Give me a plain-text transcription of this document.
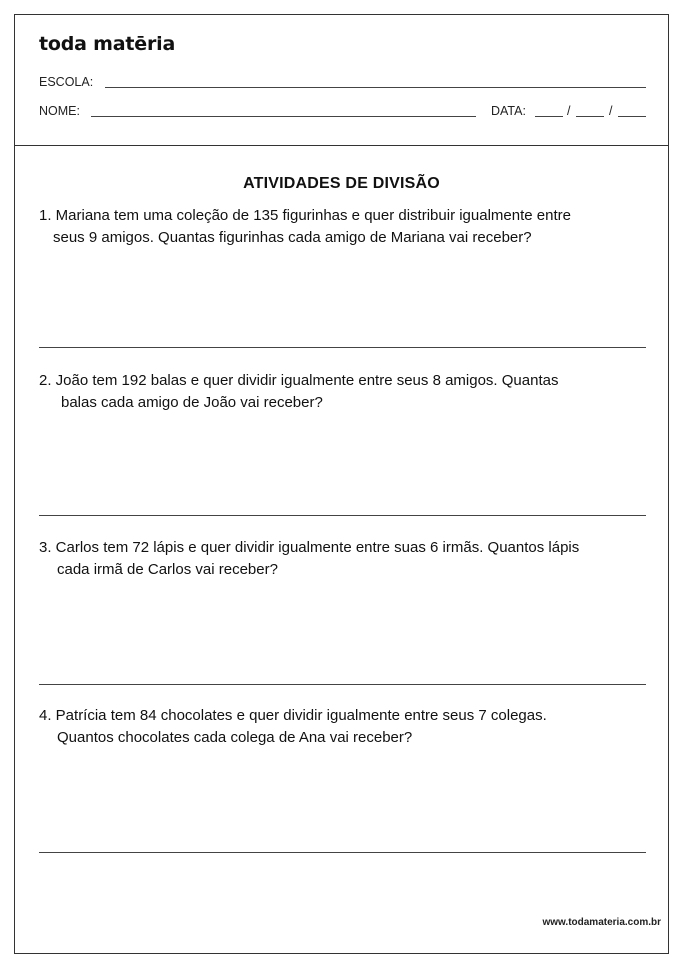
toda matēria
ESCOLA:
NOME:	DATA:	/	/
ATIVIDADES DE DIVISÃO
1. Mariana tem uma coleção de 135 figurinhas e quer distribuir igualmente entre
seus 9 amigos. Quantas figurinhas cada amigo de Mariana vai receber?
2. João tem 192 balas e quer dividir igualmente entre seus 8 amigos. Quantas
balas cada amigo de João vai receber?
3. Carlos tem 72 lápis e quer dividir igualmente entre suas 6 irmãs. Quantos lápis
cada irmã de Carlos vai receber?
4. Patrícia tem 84 chocolates e quer dividir igualmente entre seus 7 colegas.
Quantos chocolates cada colega de Ana vai receber?
www.todamateria.com.br
